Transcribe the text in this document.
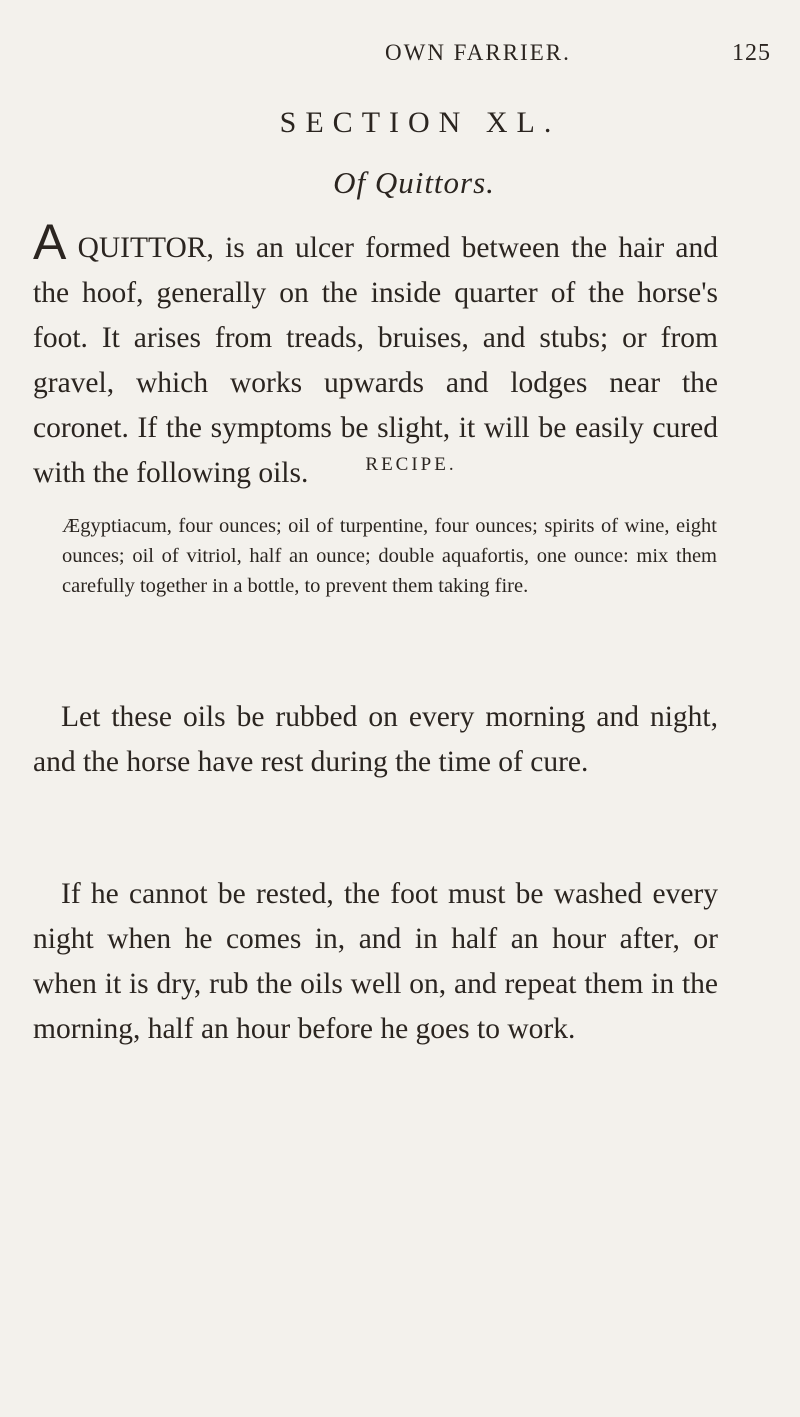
OWN FARRIER.	125
SECTION XL.
Of Quittors.

A QUITTOR, is an ulcer formed between the hair and the hoof, generally on the inside quarter of the horse's foot. It arises from treads, bruises, and stubs; or from gravel, which works upwards and lodges near the coronet. If the symptoms be slight, it will be easily cured with the following oils.	RECIPE.

Ægyptiacum, four ounces; oil of turpentine, four ounces; spirits of wine, eight ounces; oil of vitriol, half an ounce; double aquafortis, one ounce: mix them carefully together in a bottle, to prevent them taking fire.

Let these oils be rubbed on every morning and night, and the horse have rest during the time of cure.

If he cannot be rested, the foot must be washed every night when he comes in, and in half an hour after, or when it is dry, rub the oils well on, and repeat them in the morning, half an hour before he goes to work.
